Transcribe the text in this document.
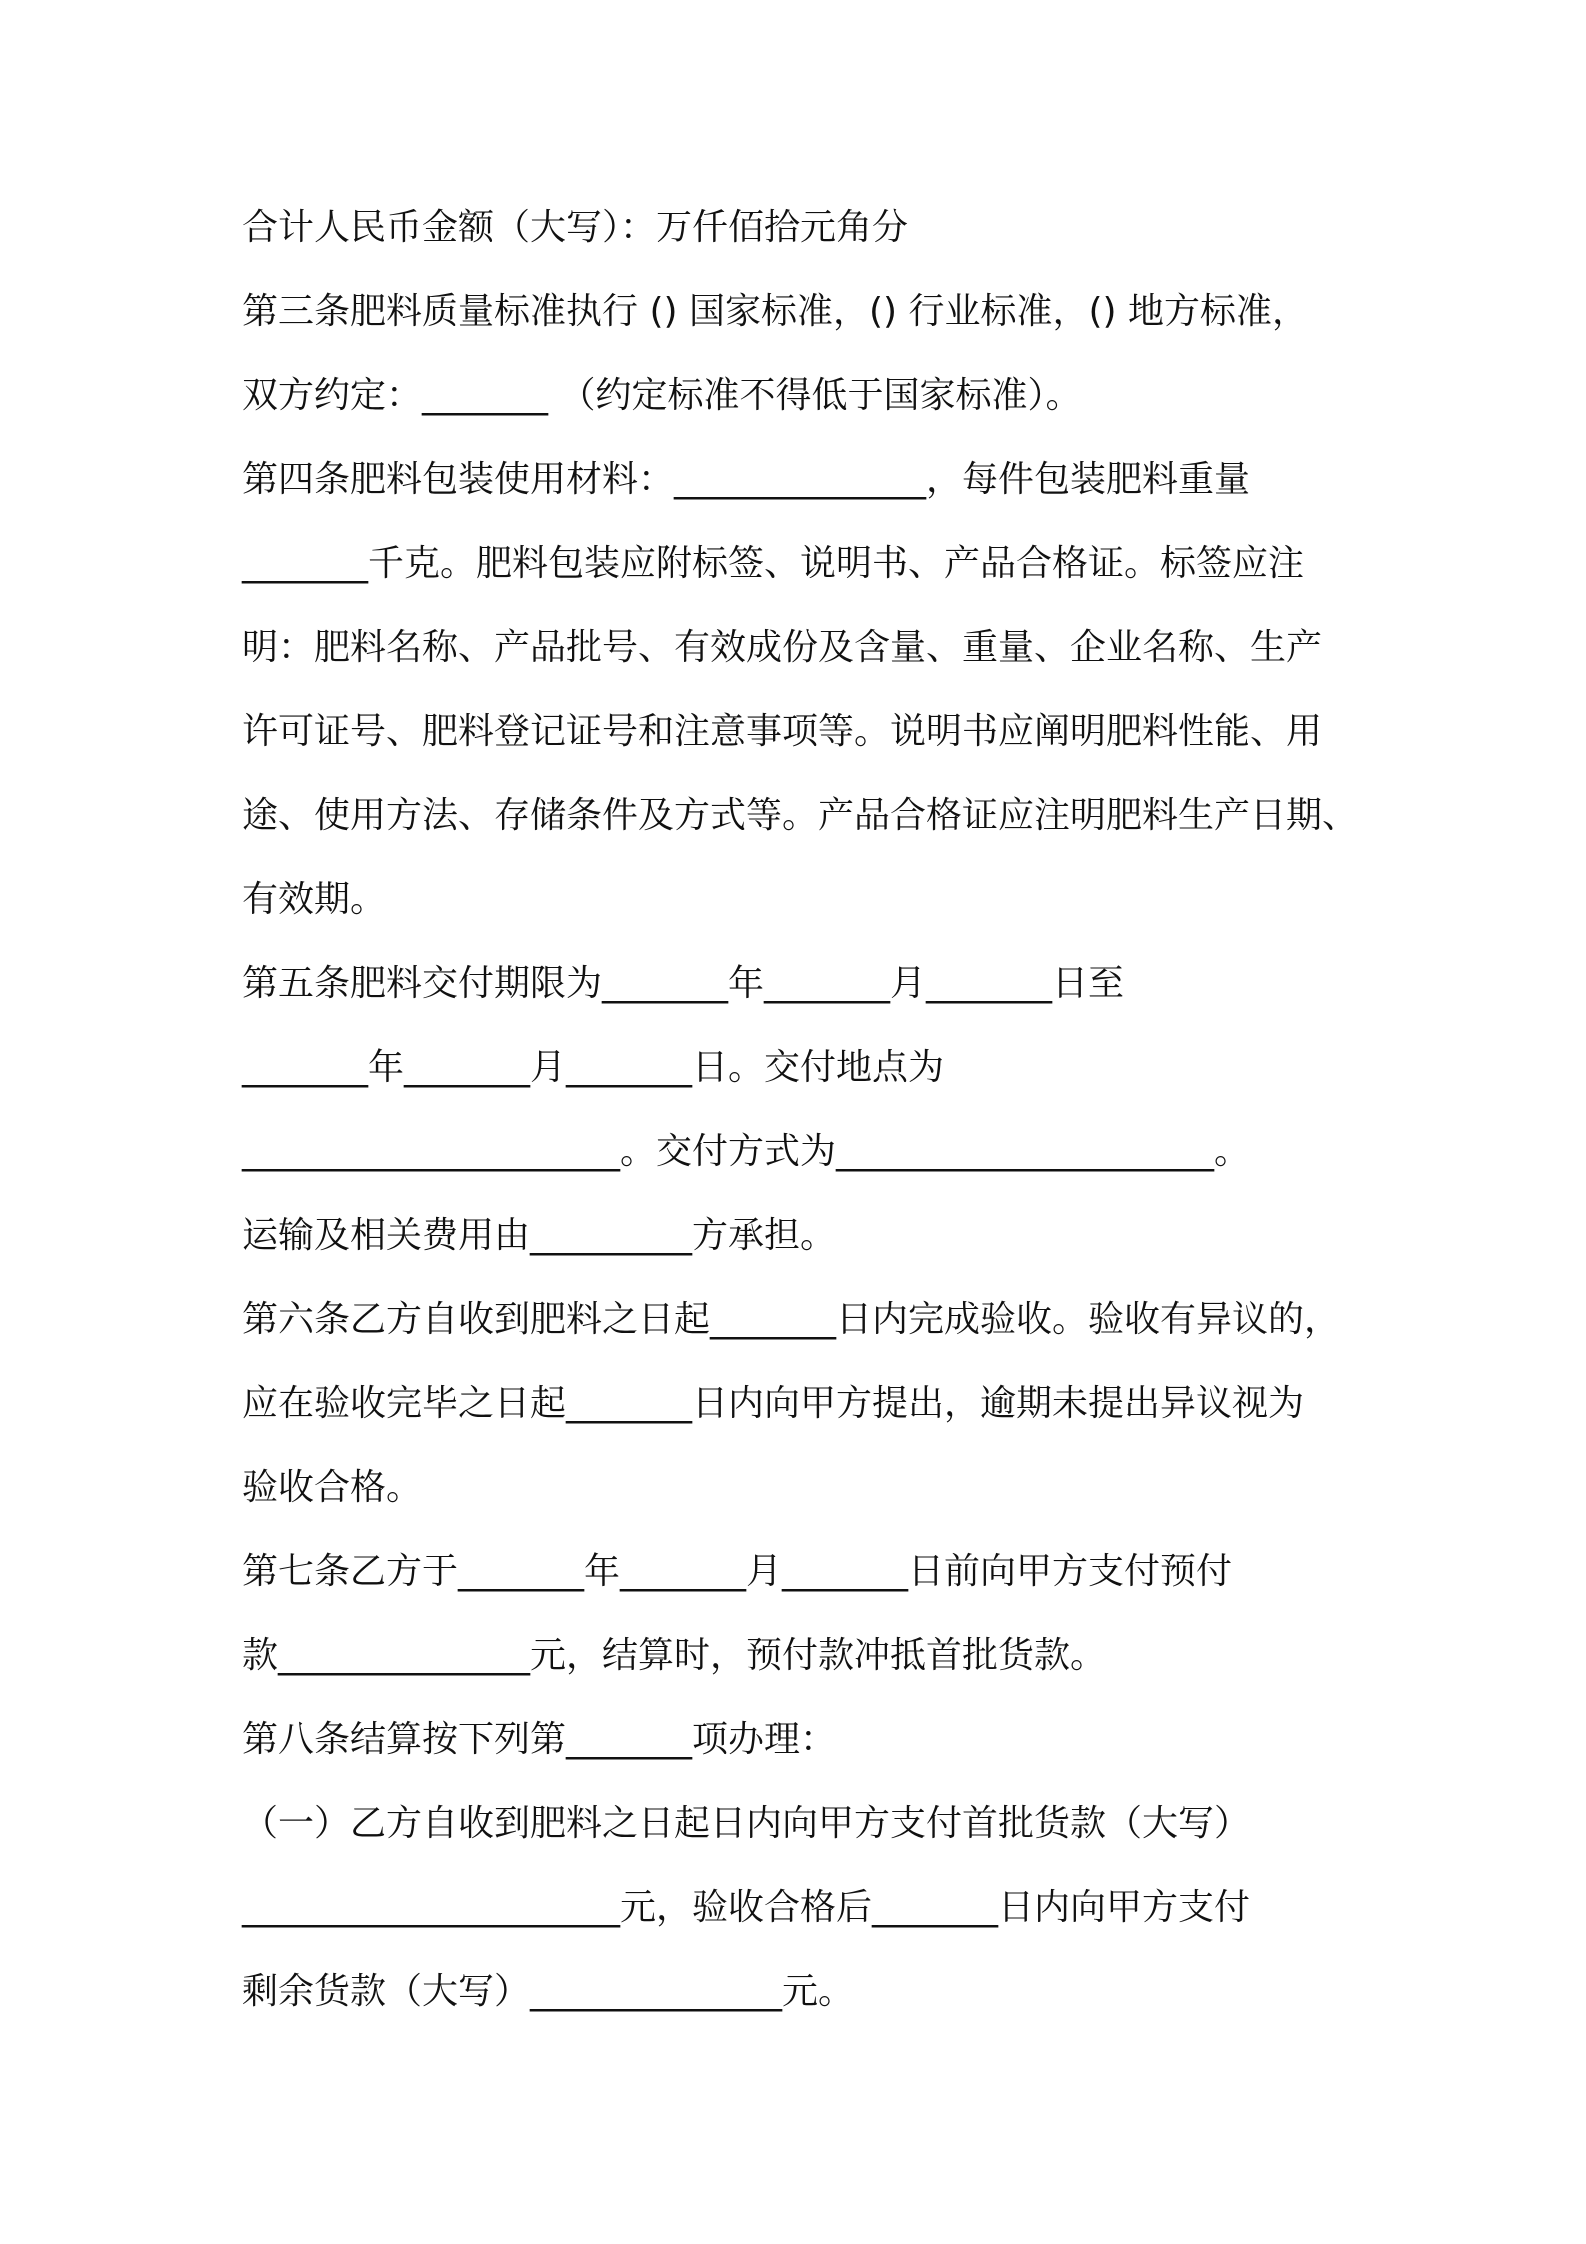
合计人民币金额（大写）：万仟佰拾元角分
第三条肥料质量标准执行 () 国家标准，() 行业标准，() 地方标准，
双方约定：_______ （约定标准不得低于国家标准）。
第四条肥料包装使用材料：______________，每件包装肥料重量
_______千克。肥料包装应附标签、说明书、产品合格证。标签应注
明：肥料名称、产品批号、有效成份及含量、重量、企业名称、生产
许可证号、肥料登记证号和注意事项等。说明书应阐明肥料性能、用
途、使用方法、存储条件及方式等。产品合格证应注明肥料生产日期、
有效期。
第五条肥料交付期限为_______年_______月_______日至
_______年_______月_______日。交付地点为
_____________________。交付方式为_____________________。
运输及相关费用由_________方承担。
第六条乙方自收到肥料之日起_______日内完成验收。验收有异议的，
应在验收完毕之日起_______日内向甲方提出，逾期未提出异议视为
验收合格。
第七条乙方于_______年_______月_______日前向甲方支付预付
款______________元，结算时，预付款冲抵首批货款。
第八条结算按下列第_______项办理：
（一）乙方自收到肥料之日起日内向甲方支付首批货款（大写）
_____________________元，验收合格后_______日内向甲方支付
剩余货款（大写）______________元。
